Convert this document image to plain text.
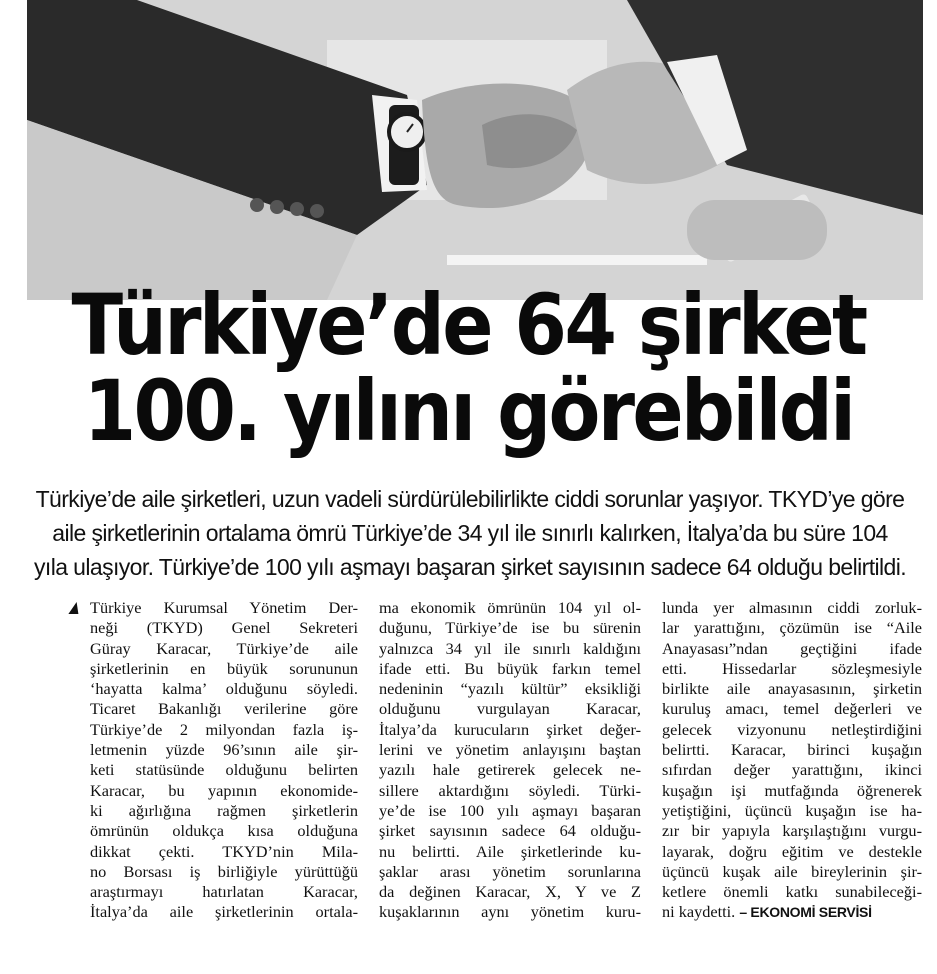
Türkiye’de 64 şirket
100. yılını görebildi

Türkiye’de aile şirketleri, uzun vadeli sürdürülebilirlikte ciddi sorunlar yaşıyor. TKYD’ye göre
aile şirketlerinin ortalama ömrü Türkiye’de 34 yıl ile sınırlı kalırken, İtalya’da bu süre 104
yıla ulaşıyor. Türkiye’de 100 yılı aşmayı başaran şirket sayısının sadece 64 olduğu belirtildi.

Türkiye Kurumsal Yönetim Der-
neği (TKYD) Genel Sekreteri
Güray Karacar, Türkiye’de aile
şirketlerinin en büyük sorununun
‘hayatta kalma’ olduğunu söyledi.
Ticaret Bakanlığı verilerine göre
Türkiye’de 2 milyondan fazla iş-
letmenin yüzde 96’sının aile şir-
keti statüsünde olduğunu belirten
Karacar, bu yapının ekonomide-
ki ağırlığına rağmen şirketlerin
ömrünün oldukça kısa olduğuna
dikkat çekti. TKYD’nin Mila-
no Borsası iş birliğiyle yürüttüğü
araştırmayı hatırlatan Karacar,
İtalya’da aile şirketlerinin ortala-
ma ekonomik ömrünün 104 yıl ol-
duğunu, Türkiye’de ise bu sürenin
yalnızca 34 yıl ile sınırlı kaldığını
ifade etti. Bu büyük farkın temel
nedeninin “yazılı kültür” eksikliği
olduğunu vurgulayan Karacar,
İtalya’da kurucuların şirket değer-
lerini ve yönetim anlayışını baştan
yazılı hale getirerek gelecek ne-
sillere aktardığını söyledi. Türki-
ye’de ise 100 yılı aşmayı başaran
şirket sayısının sadece 64 olduğu-
nu belirtti. Aile şirketlerinde ku-
şaklar arası yönetim sorunlarına
da değinen Karacar, X, Y ve Z
kuşaklarının aynı yönetim kuru-
lunda yer almasının ciddi zorluk-
lar yarattığını, çözümün ise “Aile
Anayasası”ndan geçtiğini ifade
etti. Hissedarlar sözleşmesiyle
birlikte aile anayasasının, şirketin
kuruluş amacı, temel değerleri ve
gelecek vizyonunu netleştirdiğini
belirtti. Karacar, birinci kuşağın
sıfırdan değer yarattığını, ikinci
kuşağın işi mutfağında öğrenerek
yetiştiğini, üçüncü kuşağın ise ha-
zır bir yapıyla karşılaştığını vurgu-
layarak, doğru eğitim ve destekle
üçüncü kuşak aile bireylerinin şir-
ketlere önemli katkı sunabileceği-
ni kaydetti. – EKONOMİ SERVİSİ
